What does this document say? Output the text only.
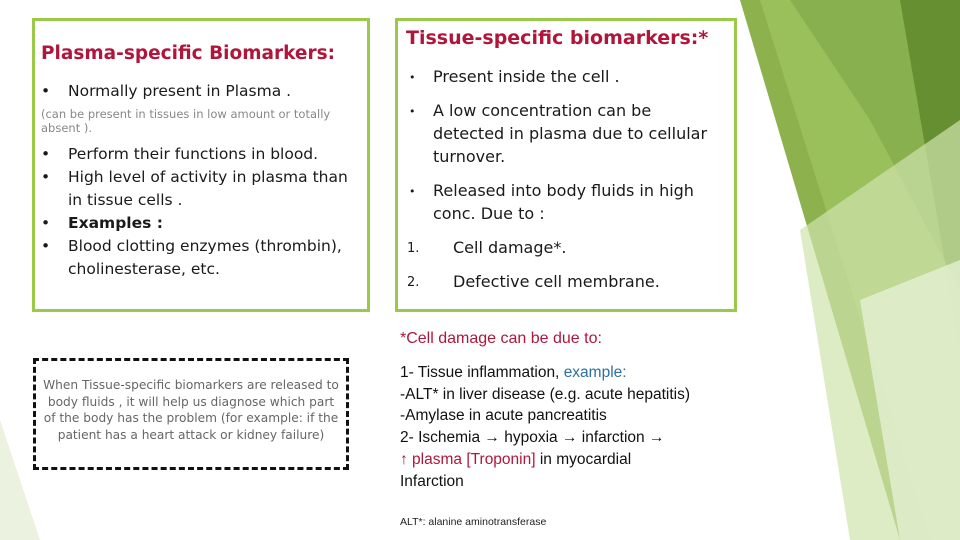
Plasma-specific Biomarkers:
• Normally present in Plasma .
(can be present in tissues in low amount or totally absent ).
• Perform their functions in blood.
• High level of activity in plasma than in tissue cells .
• Examples :
• Blood clotting enzymes (thrombin), cholinesterase, etc.
Tissue-specific biomarkers:*
• Present inside the cell .
• A low concentration can be detected in plasma due to cellular turnover.
• Released into body fluids in high conc. Due to :
1.	Cell damage*.
2.	Defective cell membrane.
When Tissue-specific biomarkers are released to body fluids , it will help us diagnose which part of the body has the problem (for example: if the patient has a heart attack or kidney failure)
*Cell damage can be due to:
1- Tissue inflammation, example:
-ALT* in liver disease (e.g. acute hepatitis)
-Amylase in acute pancreatitis
2- Ischemia → hypoxia → infarction →
↑ plasma [Troponin] in myocardial
Infarction
ALT*: alanine aminotransferase
